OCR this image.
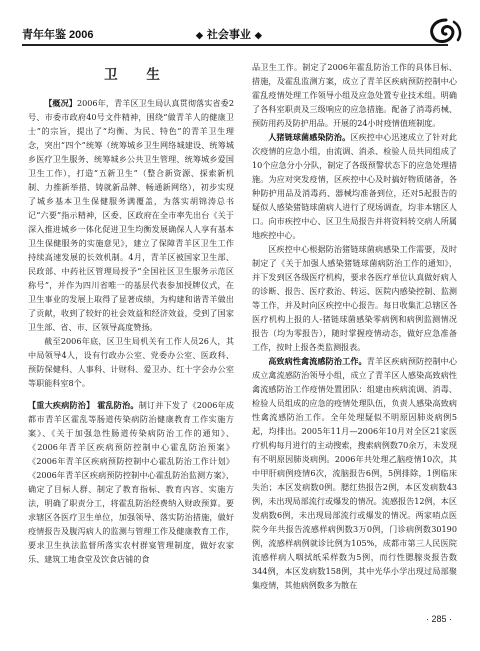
青年年鉴 2006	◆ 社会事业 ◆
卫 生

【概况】2006年，青羊区卫生局认真贯彻落实省委2号、市委市政府40号文件精神，围绕“做青羊人的健康卫士”的宗旨，提出了“均衡、为民、特色”的青羊卫生理念，突出“四个”统筹（统筹城乡卫生网络城建设、统筹城乡医疗卫生服务、统筹城乡公共卫生管理、统筹城乡爱国卫生工作），打造“五新卫生”（整合新资源、探索新机制、力推新举措、铸就新品牌、畅通新网络），初步实现了城乡基本卫生保健服务满覆盖，为落实胡锦涛总书记“六要”指示精神，区委、区政府在全市率先出台《关于深入推进城乡一体化促进卫生均衡发展确保人人享有基本卫生保健服务的实施意见》，建立了保障青羊区卫生工作持续高速发展的长效机制。4月，青羊区被国家卫生部、民政部、中药社区管理局授予“全国社区卫生服务示范区称号”，并作为四川省唯一的基层代表参加授牌仪式，在卫生事业的发展上取得了显著成绩，为构建和谐青羊做出了贡献，收到了较好的社会效益和经济效益，受到了国家卫生部、省、市、区领导高度赞扬。

截至2006年底，区卫生局机关有工作人员26人，其中局领导4人，设有行政办公室、党委办公室、医政科、预防保健科、人事科、计财科、爱卫办、红十字会办公室等职能科室8个。

【重大疾病防治】 霍乱防治。制订并下发了《2006年成都市青羊区霍乱等肠道传染病防治健康教育工作实施方案》、《关于加强急性肠道传染病防治工作的通知》、《2006年青羊区疾病预防控制中心霍乱防治预案》《2006年青羊区疾病预防控制中心霍乱防治工作计划》《2006年青羊区疾病预防控制中心霍乱防治监测方案》，确定了目标人群、制定了教育指标、教育内容、实施方法，明确了职责分工，将霍乱防治经费纳入财政预算。要求辖区各医疗卫生单位，加强领导、落实防治措施，做好疫情报告及腹泻病人的监测与管理工作及健康教育工作，要求卫生执法监督所落实农村群宴管理制度，做好农家乐、建筑工地食堂及饮食店铺的食

品卫生工作。制定了2006年霍乱防治工作的具体目标、措施，及霍乱监测方案，成立了青羊区疾病预防控制中心霍乱疫情处理工作领导小组及应急处置专业技术组。明确了各科室职责及三级响应的应急措施。配备了消毒药械、预防用药及防护用品。开展的24小时疫情值班制度。

人猪链球菌感染防治。区疾控中心迅速成立了针对此次疫情的应急小组，由流调、消杀、检验人员共同组成了10个应急分小分队，制定了各级预警状态下的应急处理措施。为应对突发疫情，区疾控中心及时搞好物质储备，各种防护用品及消毒药、器械均准备到位，还对5起报告的疑似人感染猪链球菌病人进行了现场调查，均非本辖区人口。向市疾控中心、区卫生局报告并将资料转交病人所属地疾控中心。

区疾控中心根据防治猪链球菌病感染工作需要，及时制定了《关于加强人感染猪链球菌病防治工作的通知》，并下发到区各级医疗机构，要求各医疗单位认真做好病人的诊断、报告、医疗救治、转运、医院内感染控制、监测等工作，并及时向区疾控中心报告。每日收集汇总辖区各医疗机构上报的人-猪链球菌感染零病例和病例监测情况报告（均为零报告），随时掌握疫情动态，做好应急准备工作，按时上报各类监测报表。

高致病性禽流感防治工作。青羊区疾病预防控制中心成立禽流感防治领导小组，成立了青羊区人感染高致病性禽流感防治工作疫情处置团队：组建由疾病流调、消毒、检验人员组成的应急的疫情处理队伍，负责人感染高致病性禽流感防治工作。全年处理疑似不明原因肺炎病例5起，均排出。2005年11月—2006年10月对全区21家医疗机构每月进行的主动搜索，搜索病例数70余万，未发现有不明原因肺炎病例。2006年共处理乙脑疫情10次，其中甲肝病例疫情6次，流脑报告6例，5例排除，1例临床失治；本区发病数0例。腮红热报告2例，本区发病数43例，未出现局部流行或爆发的情况。流感报告12例，本区发病数6例，未出现局部流行或爆发的情况。两家哨点医院今年共报告流感样病例数3万0例，门诊病例数30190例，流感样病例就诊比例为105%，成都市第三人民医院流感样病人咽拭纸采样数为5例，而行性腮腺炎报告数344例，本区发病数158例，其中光华小学出现过局部聚集疫情，其他病例数多为散在

· 285 ·
